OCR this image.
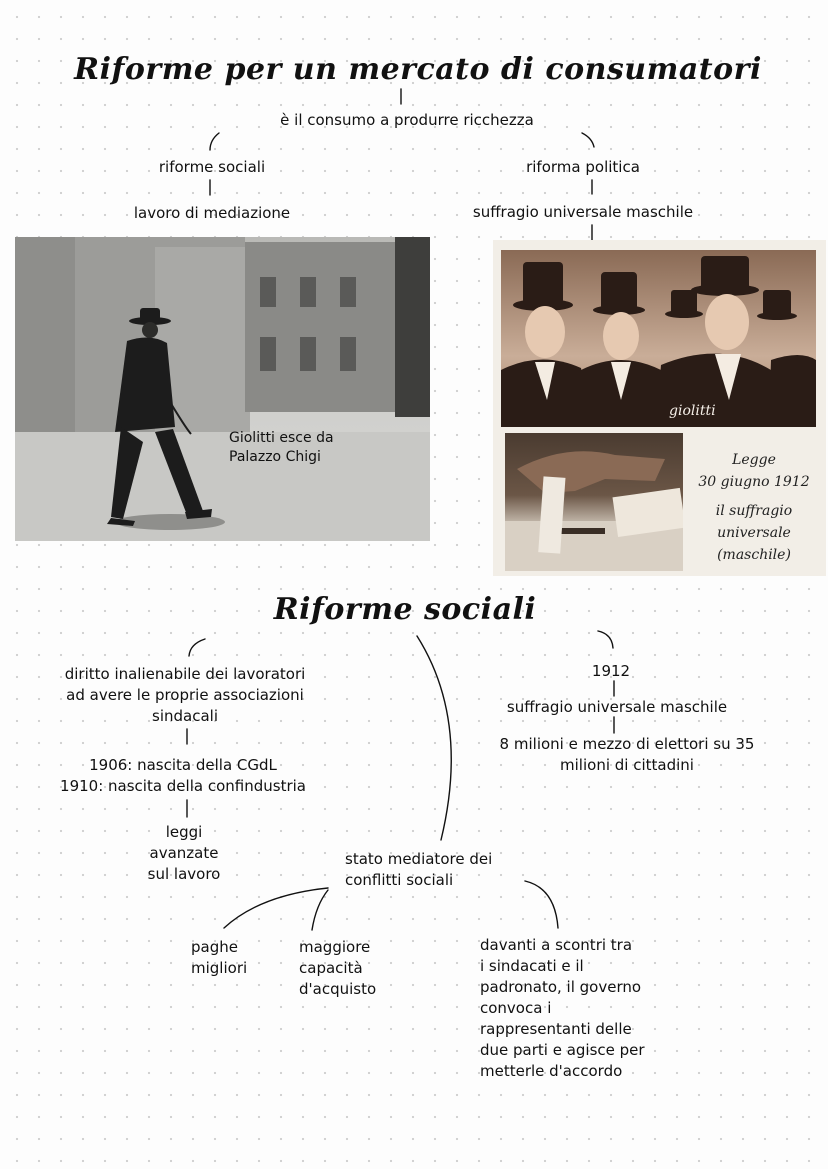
Riforme per un mercato di consumatori
è il consumo a produrre ricchezza
riforme sociali
lavoro di mediazione
riforma politica
suffragio universale maschile
Giolitti esce da
Palazzo Chigi
giolitti
Legge
30 giugno 1912
il suffragio
universale
(maschile)
Riforme sociali
diritto inalienabile dei lavoratori
ad avere le proprie associazioni
sindacali
1906: nascita della CGdL
1910: nascita della confindustria
leggi
avanzate
sul lavoro
1912
suffragio universale maschile
8 milioni e mezzo di elettori su 35
milioni di cittadini
stato mediatore dei
conflitti sociali
paghe
migliori
maggiore
capacità
d'acquisto
davanti a scontri tra
i sindacati e il
padronato, il governo
convoca i
rappresentanti delle
due parti e agisce per
metterle d'accordo
